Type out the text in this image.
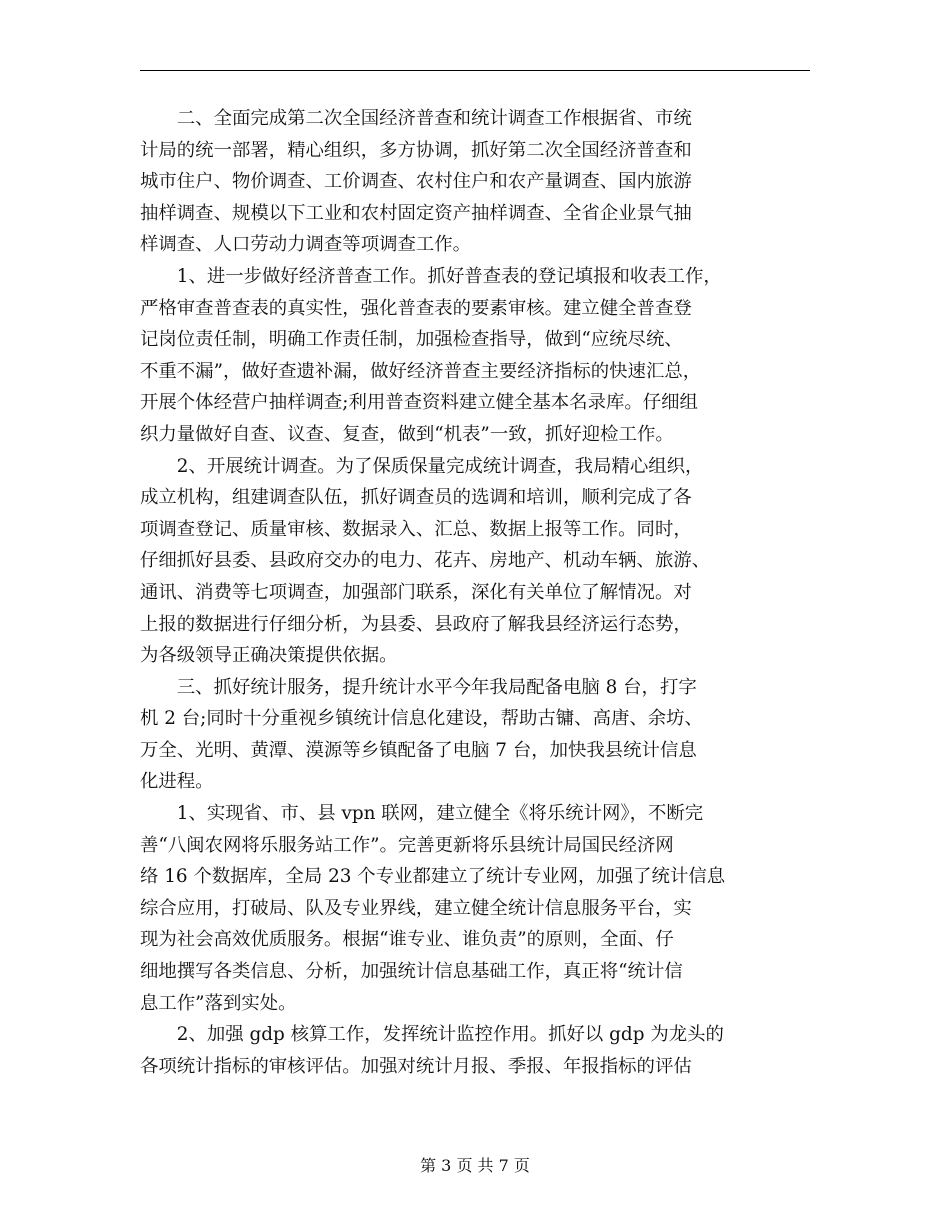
　　二、全面完成第二次全国经济普查和统计调查工作根据省、市统

计局的统一部署，精心组织，多方协调，抓好第二次全国经济普查和

城市住户、物价调查、工价调查、农村住户和农产量调查、国内旅游

抽样调查、规模以下工业和农村固定资产抽样调查、全省企业景气抽

样调查、人口劳动力调查等项调查工作。

　　1、进一步做好经济普查工作。抓好普查表的登记填报和收表工作，

严格审查普查表的真实性，强化普查表的要素审核。建立健全普查登

记岗位责任制，明确工作责任制，加强检查指导，做到“应统尽统、

不重不漏”，做好查遗补漏，做好经济普查主要经济指标的快速汇总，

开展个体经营户抽样调查;利用普查资料建立健全基本名录库。仔细组

织力量做好自查、议查、复查，做到“机表”一致，抓好迎检工作。

　　2、开展统计调查。为了保质保量完成统计调查，我局精心组织，

成立机构，组建调查队伍，抓好调查员的选调和培训，顺利完成了各

项调查登记、质量审核、数据录入、汇总、数据上报等工作。同时，

仔细抓好县委、县政府交办的电力、花卉、房地产、机动车辆、旅游、

通讯、消费等七项调查，加强部门联系，深化有关单位了解情况。对

上报的数据进行仔细分析，为县委、县政府了解我县经济运行态势，

为各级领导正确决策提供依据。

　　三、抓好统计服务，提升统计水平今年我局配备电脑 8 台，打字

机 2 台;同时十分重视乡镇统计信息化建设，帮助古镛、高唐、余坊、

万全、光明、黄潭、漠源等乡镇配备了电脑 7 台，加快我县统计信息

化进程。

　　1、实现省、市、县 vpn 联网，建立健全《将乐统计网》，不断完

善“八闽农网将乐服务站工作”。完善更新将乐县统计局国民经济网

络 16 个数据库，全局 23 个专业都建立了统计专业网，加强了统计信息

综合应用，打破局、队及专业界线，建立健全统计信息服务平台，实

现为社会高效优质服务。根据“谁专业、谁负责”的原则，全面、仔

细地撰写各类信息、分析，加强统计信息基础工作，真正将“统计信

息工作”落到实处。

　　2、加强 gdp 核算工作，发挥统计监控作用。抓好以 gdp 为龙头的

各项统计指标的审核评估。加强对统计月报、季报、年报指标的评估

第 3 页 共 7 页
